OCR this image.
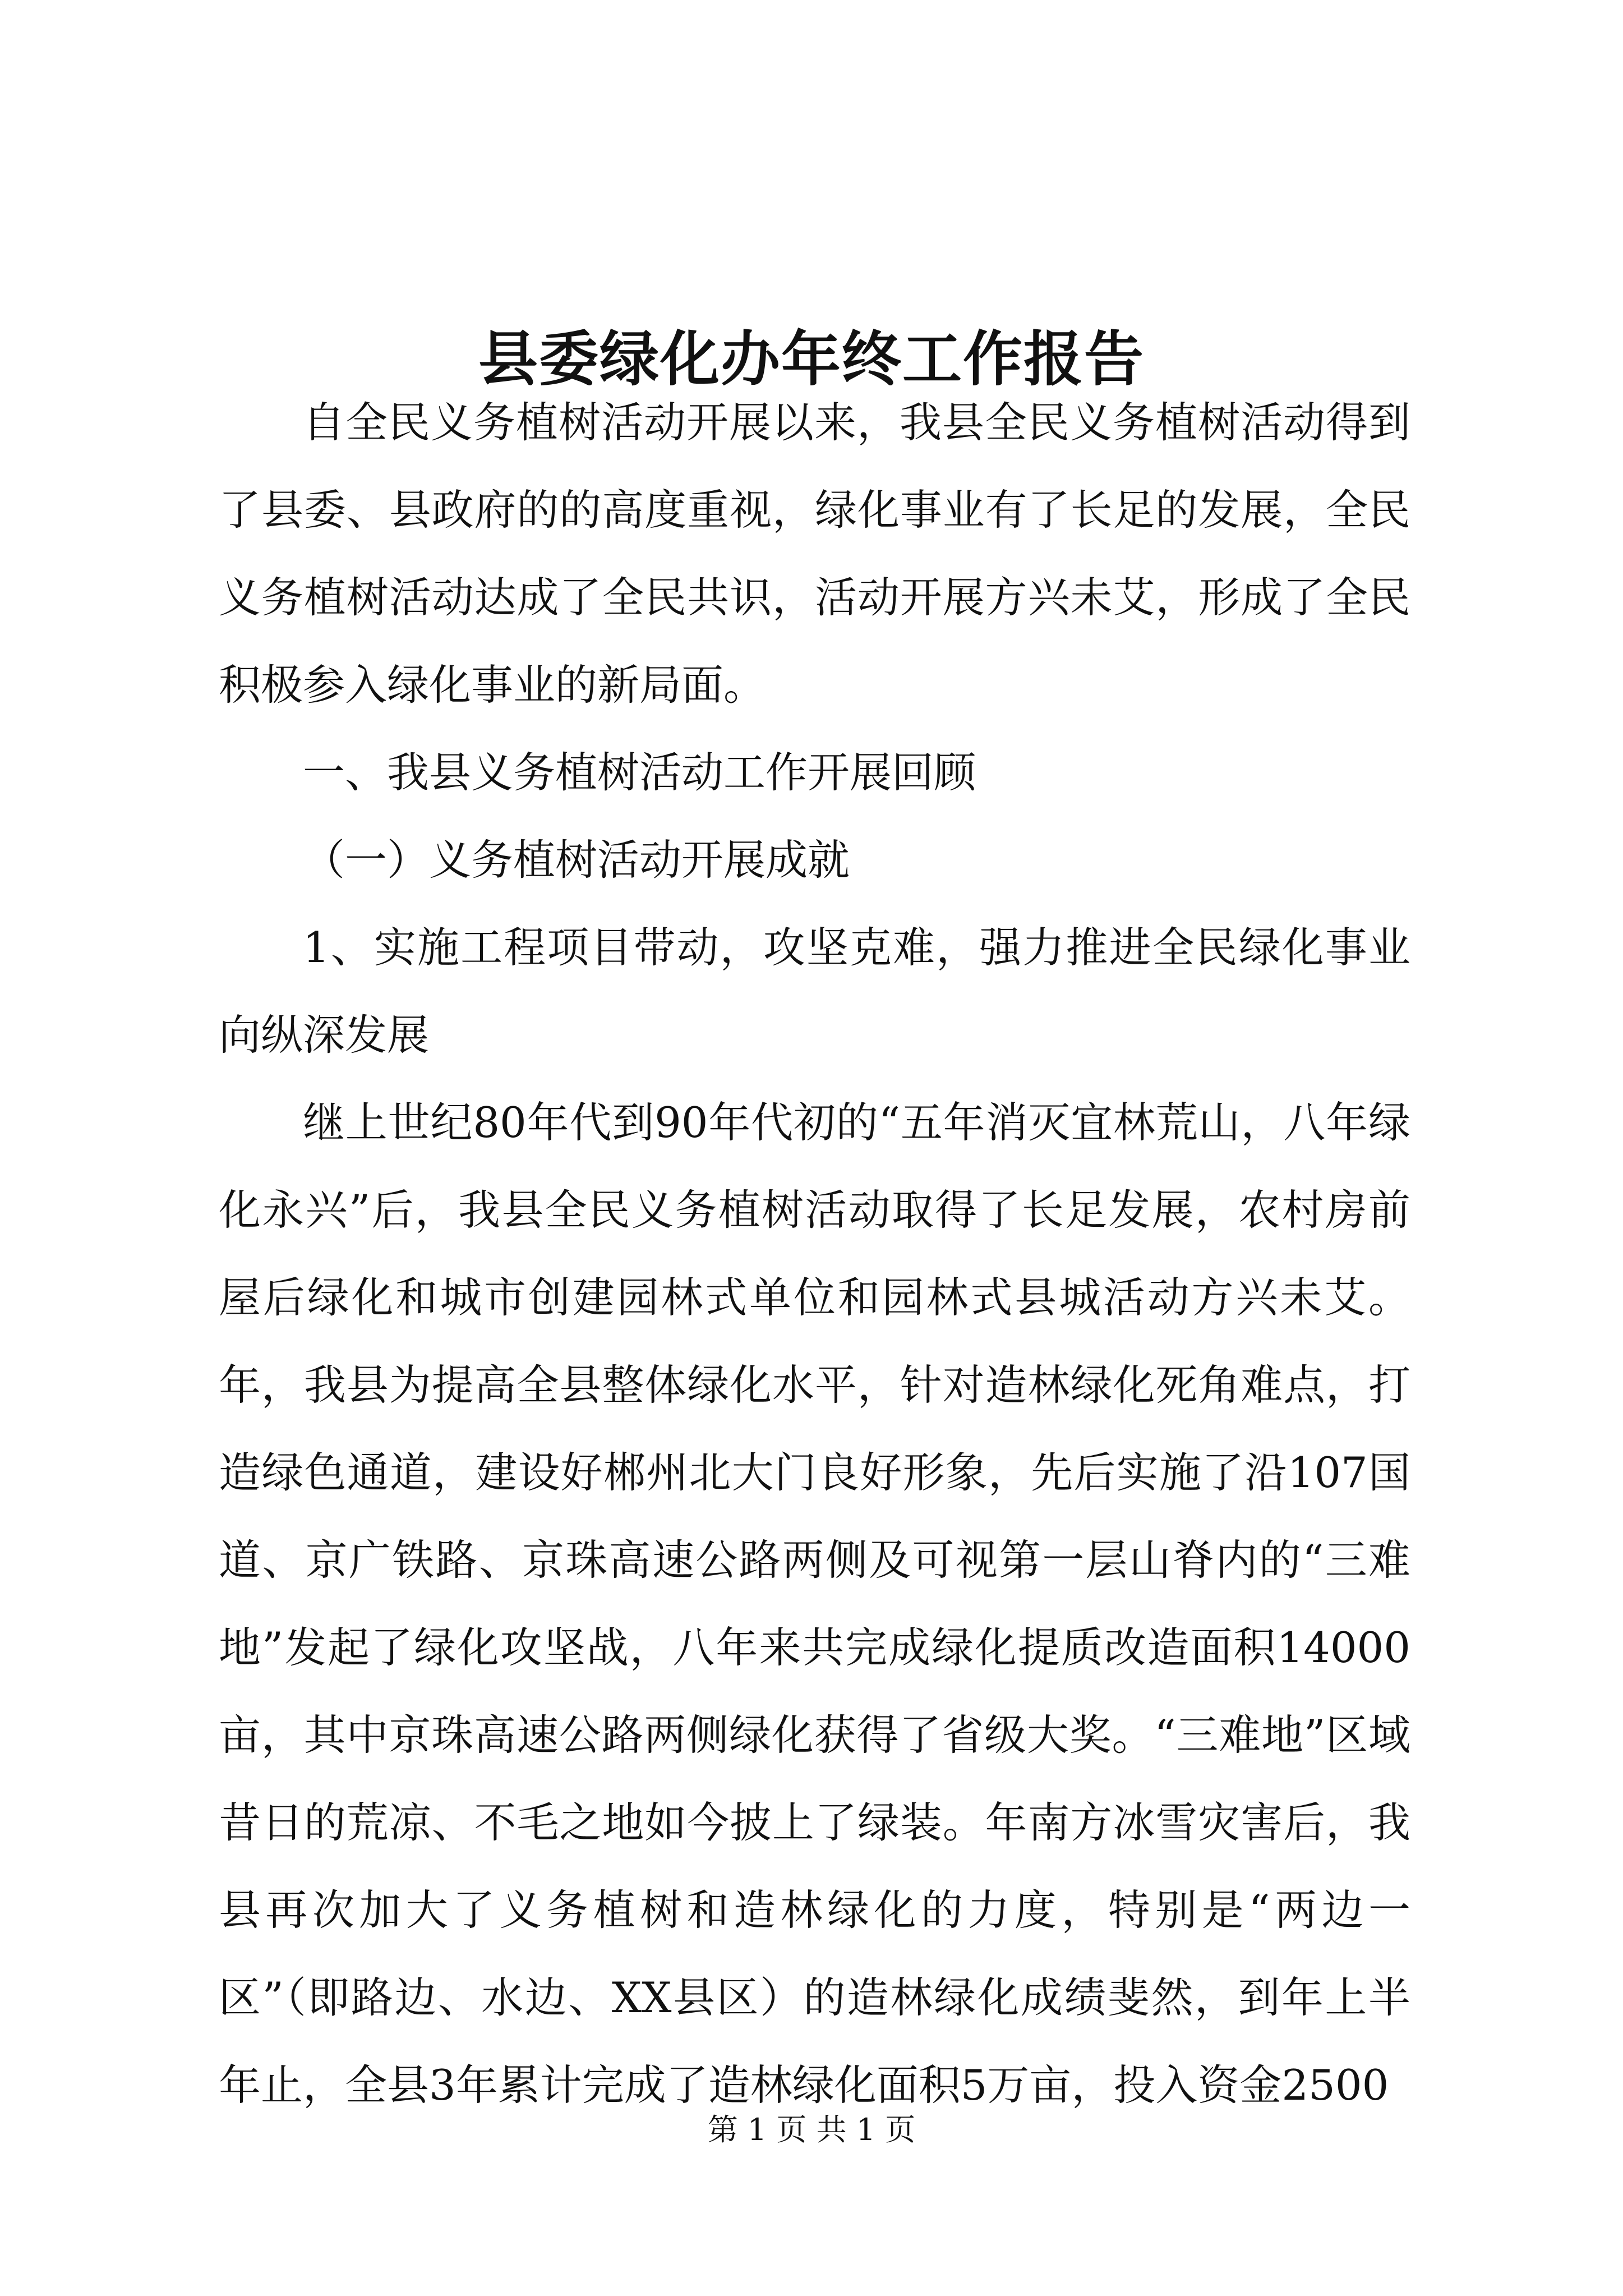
县委绿化办年终工作报告

自全民义务植树活动开展以来，我县全民义务植树活动得到了县委、县政府的的高度重视，绿化事业有了长足的发展，全民义务植树活动达成了全民共识，活动开展方兴未艾，形成了全民积极参入绿化事业的新局面。

一、我县义务植树活动工作开展回顾

（一）义务植树活动开展成就

1、实施工程项目带动，攻坚克难，强力推进全民绿化事业向纵深发展

继上世纪80年代到90年代初的“五年消灭宜林荒山，八年绿化永兴”后，我县全民义务植树活动取得了长足发展，农村房前屋后绿化和城市创建园林式单位和园林式县城活动方兴未艾。年，我县为提高全县整体绿化水平，针对造林绿化死角难点，打造绿色通道，建设好郴州北大门良好形象，先后实施了沿107国道、京广铁路、京珠高速公路两侧及可视第一层山脊内的“三难地”发起了绿化攻坚战，八年来共完成绿化提质改造面积14000亩，其中京珠高速公路两侧绿化获得了省级大奖。“三难地”区域昔日的荒凉、不毛之地如今披上了绿装。年南方冰雪灾害后，我县再次加大了义务植树和造林绿化的力度，特别是“两边一区”（即路边、水边、XX县区）的造林绿化成绩斐然，到年上半年止，全县3年累计完成了造林绿化面积5万亩，投入资金2500

第 1 页 共 1 页
